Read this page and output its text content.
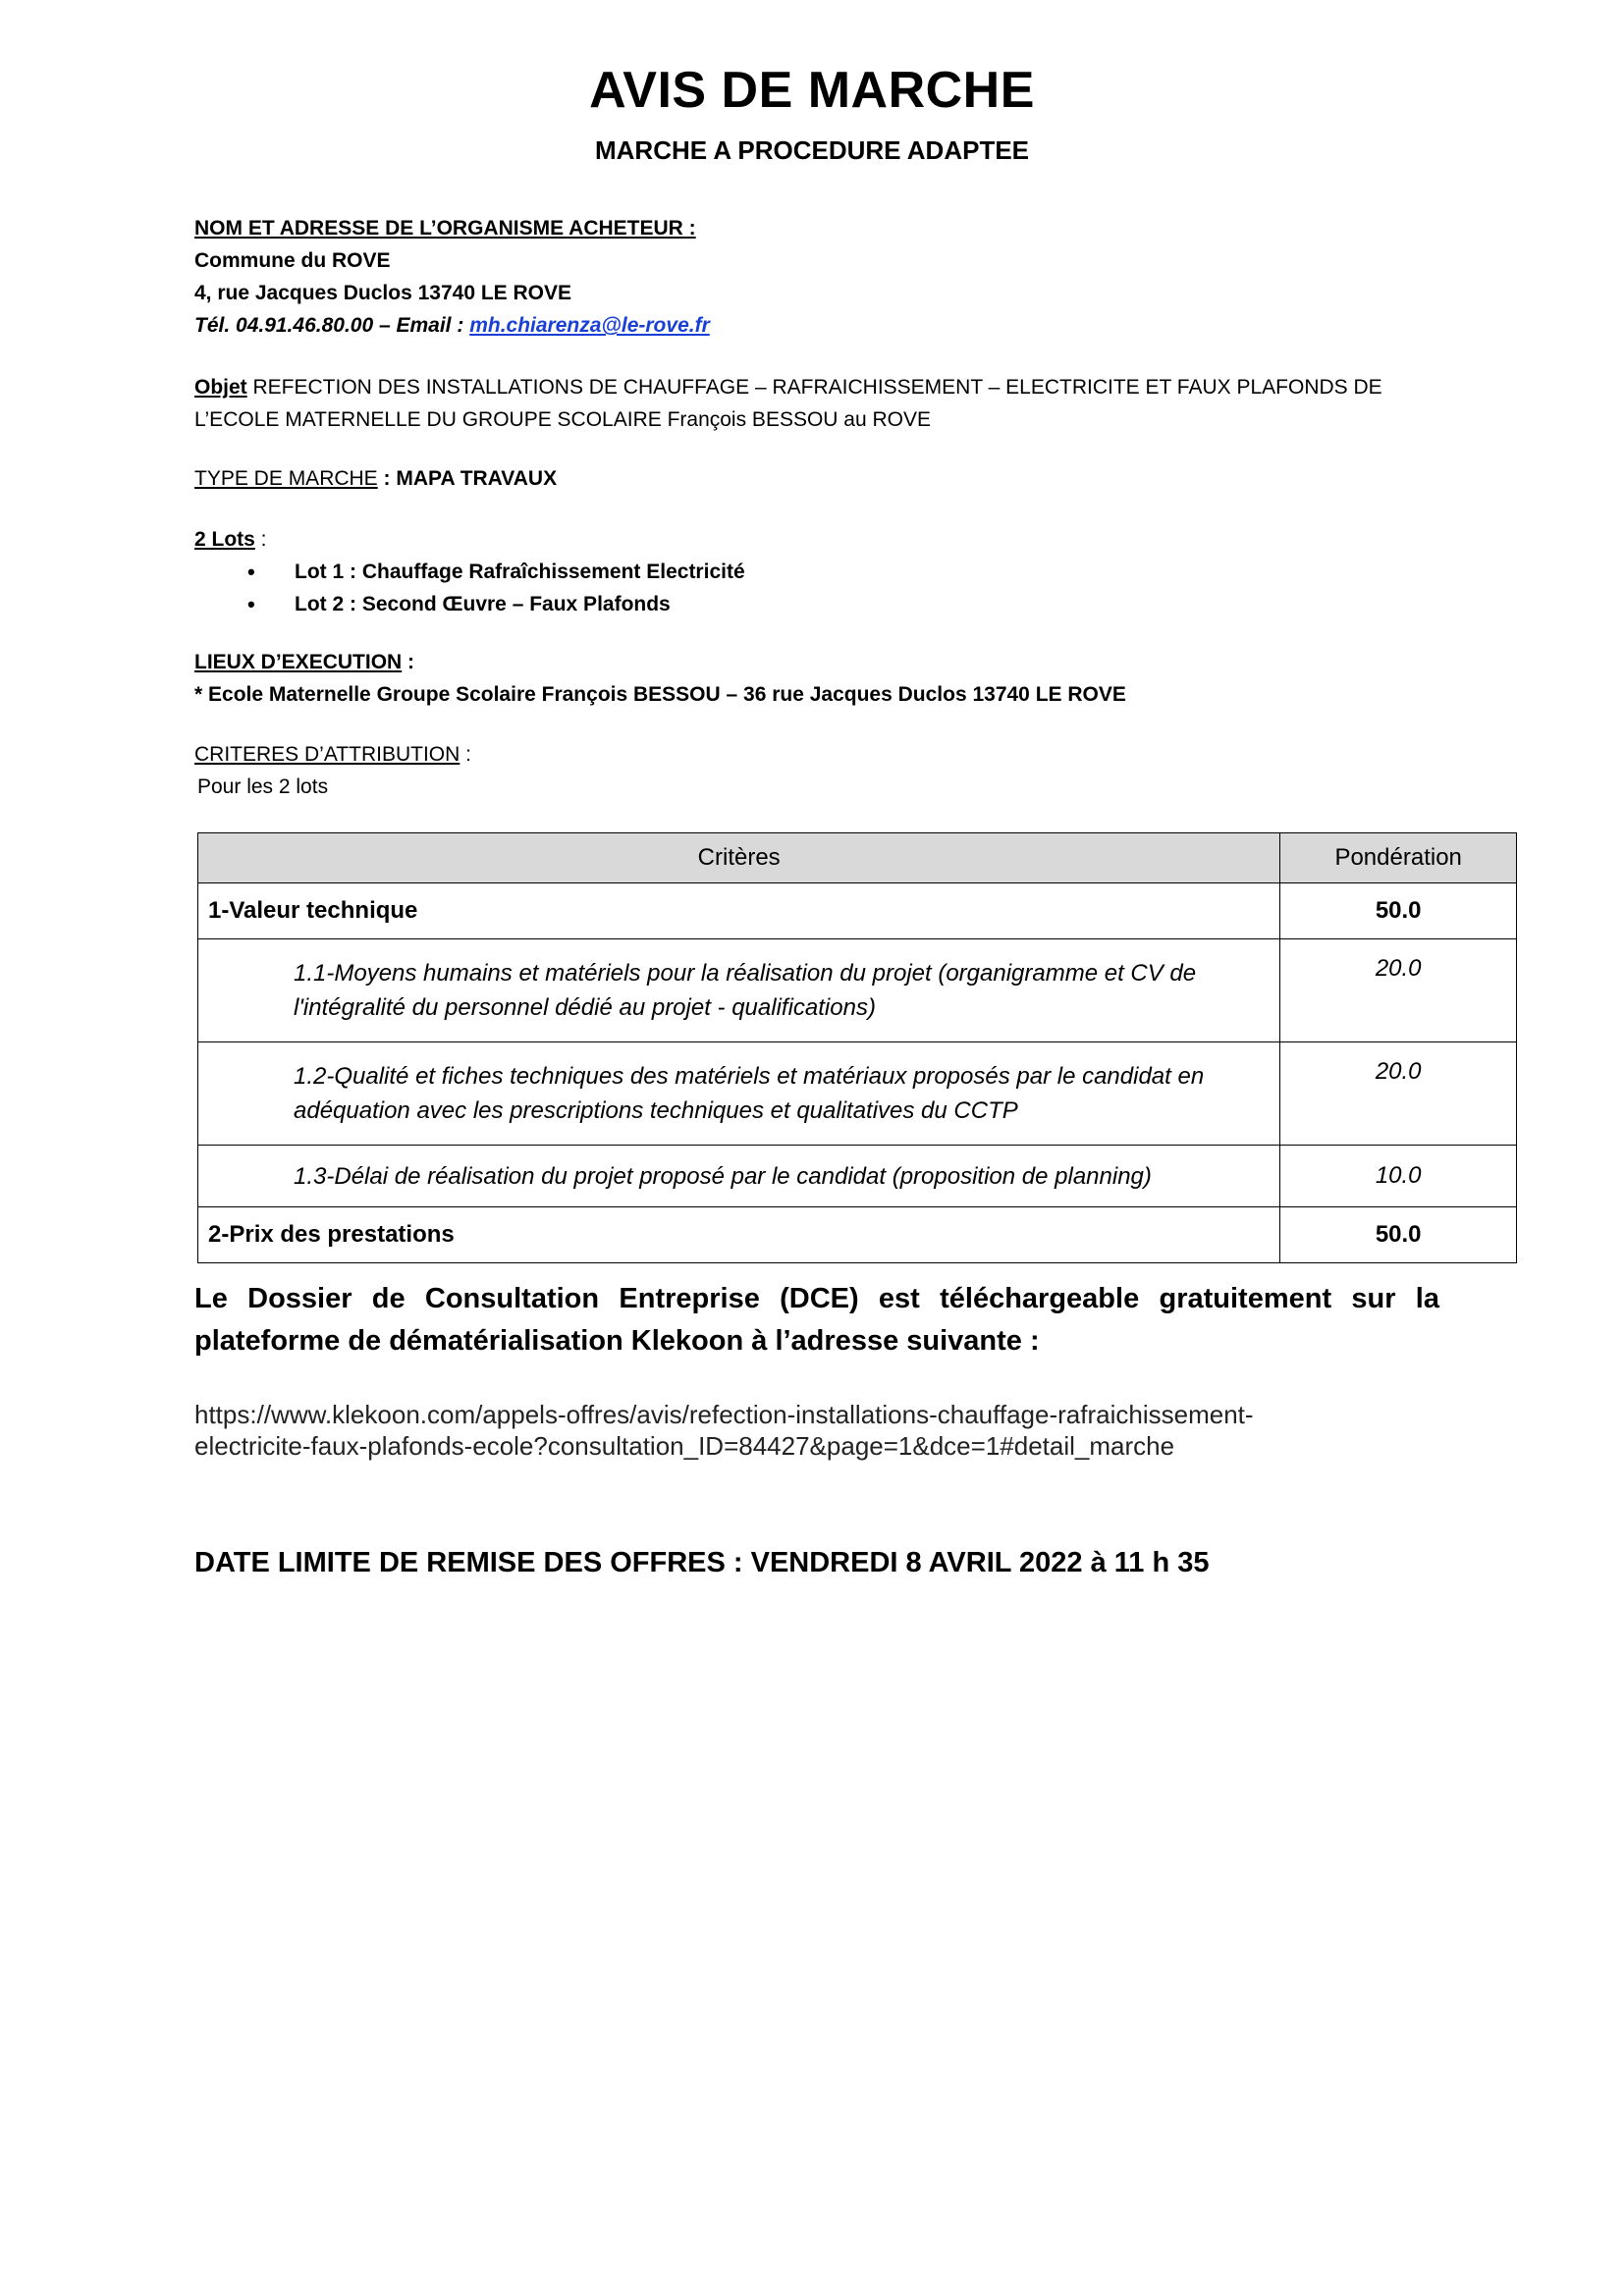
AVIS DE MARCHE
MARCHE A PROCEDURE ADAPTEE
NOM ET ADRESSE DE L’ORGANISME ACHETEUR :
Commune du ROVE
4, rue Jacques Duclos 13740 LE ROVE
Tél. 04.91.46.80.00 – Email : mh.chiarenza@le-rove.fr
Objet REFECTION DES INSTALLATIONS DE CHAUFFAGE – RAFRAICHISSEMENT – ELECTRICITE ET FAUX PLAFONDS DE
L’ECOLE MATERNELLE DU GROUPE SCOLAIRE François BESSOU au ROVE
TYPE DE MARCHE : MAPA TRAVAUX
2 Lots :
• Lot 1 : Chauffage Rafraîchissement Electricité
• Lot 2 : Second Œuvre – Faux Plafonds
LIEUX D’EXECUTION :
* Ecole Maternelle Groupe Scolaire François BESSOU – 36 rue Jacques Duclos 13740 LE ROVE
CRITERES D’ATTRIBUTION :
Pour les 2 lots
Critères	Pondération
1-Valeur technique	50.0
1.1-Moyens humains et matériels pour la réalisation du projet (organigramme et CV de l'intégralité du personnel dédié au projet - qualifications)	20.0
1.2-Qualité et fiches techniques des matériels et matériaux proposés par le candidat en adéquation avec les prescriptions techniques et qualitatives du CCTP	20.0
1.3-Délai de réalisation du projet proposé par le candidat (proposition de planning)	10.0
2-Prix des prestations	50.0
Le Dossier de Consultation Entreprise (DCE) est téléchargeable gratuitement sur la plateforme de dématérialisation Klekoon à l’adresse suivante :
https://www.klekoon.com/appels-offres/avis/refection-installations-chauffage-rafraichissement-
electricite-faux-plafonds-ecole?consultation_ID=84427&page=1&dce=1#detail_marche
DATE LIMITE DE REMISE DES OFFRES : VENDREDI 8 AVRIL 2022 à 11 h 35
